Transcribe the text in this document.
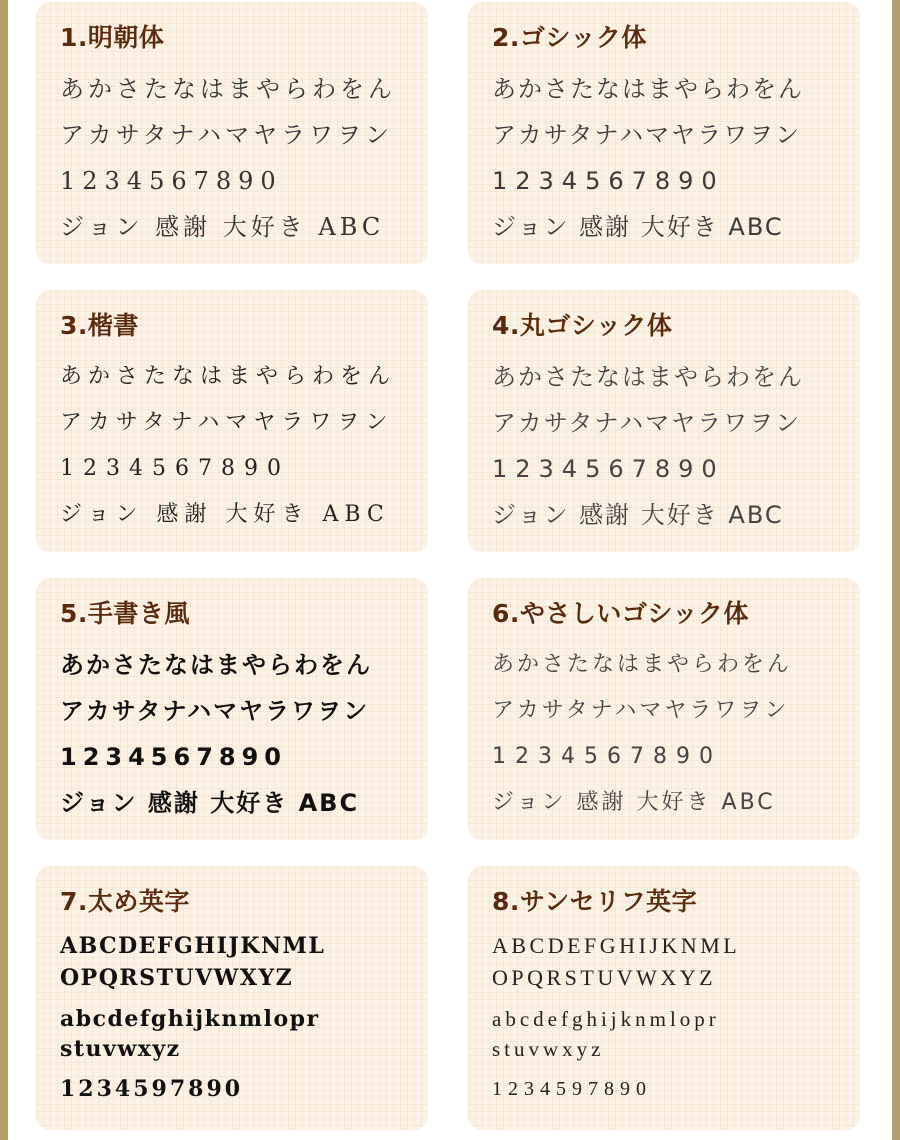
1.明朝体
あかさたなはまやらわをん
アカサタナハマヤラワヲン
1234567890
ジョン 感謝 大好き ABC
2.ゴシック体
あかさたなはまやらわをん
アカサタナハマヤラワヲン
1234567890
ジョン 感謝 大好き ABC
3.楷書
あかさたなはまやらわをん
アカサタナハマヤラワヲン
1234567890
ジョン 感謝 大好き ABC
4.丸ゴシック体
あかさたなはまやらわをん
アカサタナハマヤラワヲン
1234567890
ジョン 感謝 大好き ABC
5.手書き風
あかさたなはまやらわをん
アカサタナハマヤラワヲン
1234567890
ジョン 感謝 大好き ABC
6.やさしいゴシック体
あかさたなはまやらわをん
アカサタナハマヤラワヲン
1234567890
ジョン 感謝 大好き ABC
7.太め英字
ABCDEFGHIJKNML
OPQRSTUVWXYZ
abcdefghijknmlopr
stuvwxyz
1234597890
8.サンセリフ英字
ABCDEFGHIJKNML
OPQRSTUVWXYZ
abcdefghijknmlopr
stuvwxyz
1234597890
